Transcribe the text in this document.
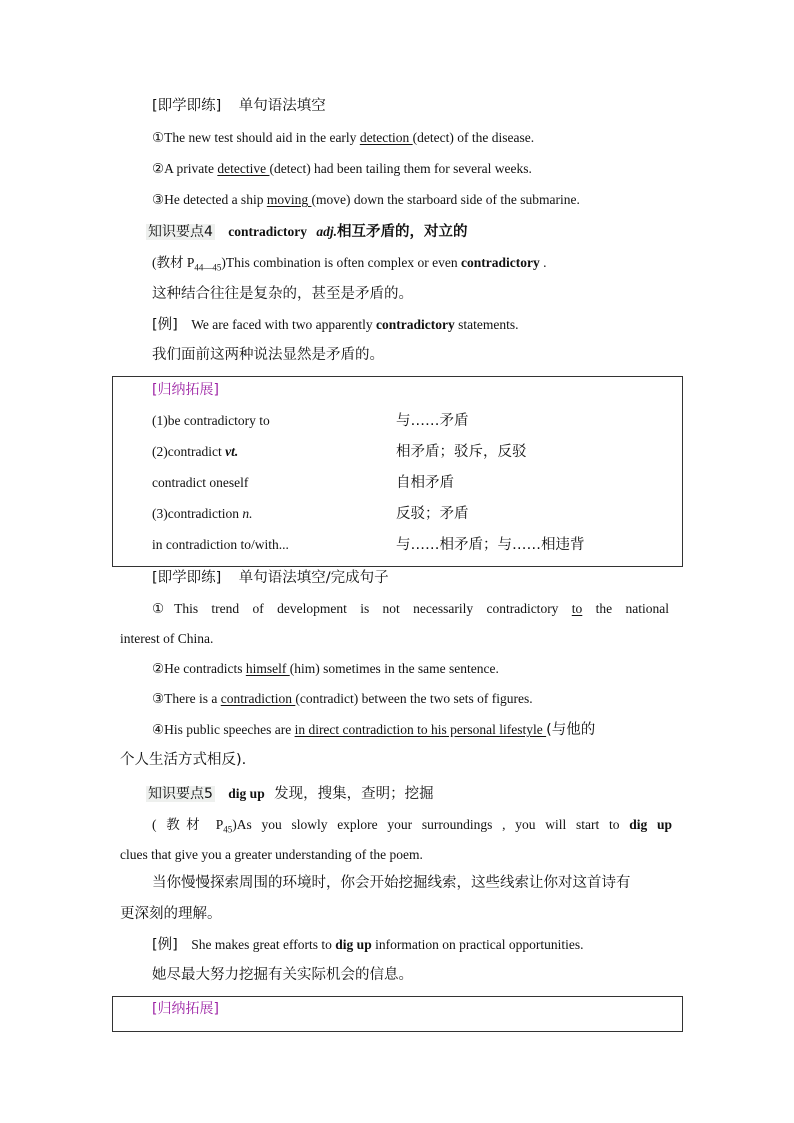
[即学即练] 单句语法填空
①The new test should aid in the early detection (detect) of the disease.
②A private detective (detect) had been tailing them for several weeks.
③He detected a ship moving (move) down the starboard side of the submarine.
知识要点4 contradictory adj.相互矛盾的，对立的
(教材 $P_{44—45})This$ combination is often complex or even contradictory .
这种结合往往是复杂的，甚至是矛盾的。
[例] We are faced with two apparently contradictory statements.
我们面前这两种说法显然是矛盾的。
[归纳拓展]
(1)be contradictory to	与……矛盾
(2)contradict vt.	相矛盾；驳斥，反驳
contradict oneself	自相矛盾
(3)contradiction n.	反驳；矛盾
in contradiction to/with...	与……相矛盾；与……相违背
[即学即练] 单句语法填空/完成句子
①This trend of development is not necessarily contradictory to the national
interest of China.
②He contradicts himself (him) sometimes in the same sentence.
③There is a contradiction (contradict) between the two sets of figures.
④His public speeches are in direct contradiction to his personal lifestyle (与他的
个人生活方式相反).
知识要点5 dig up 发现，搜集，查明；挖掘
( 教材 $P_{45})As$ you slowly explore your surroundings , you will start to dig up
clues that give you a greater understanding of the poem.
当你慢慢探索周围的环境时，你会开始挖掘线索，这些线索让你对这首诗有
更深刻的理解。
[例] She makes great efforts to dig up information on practical opportunities.
她尽最大努力挖掘有关实际机会的信息。
[归纳拓展]
